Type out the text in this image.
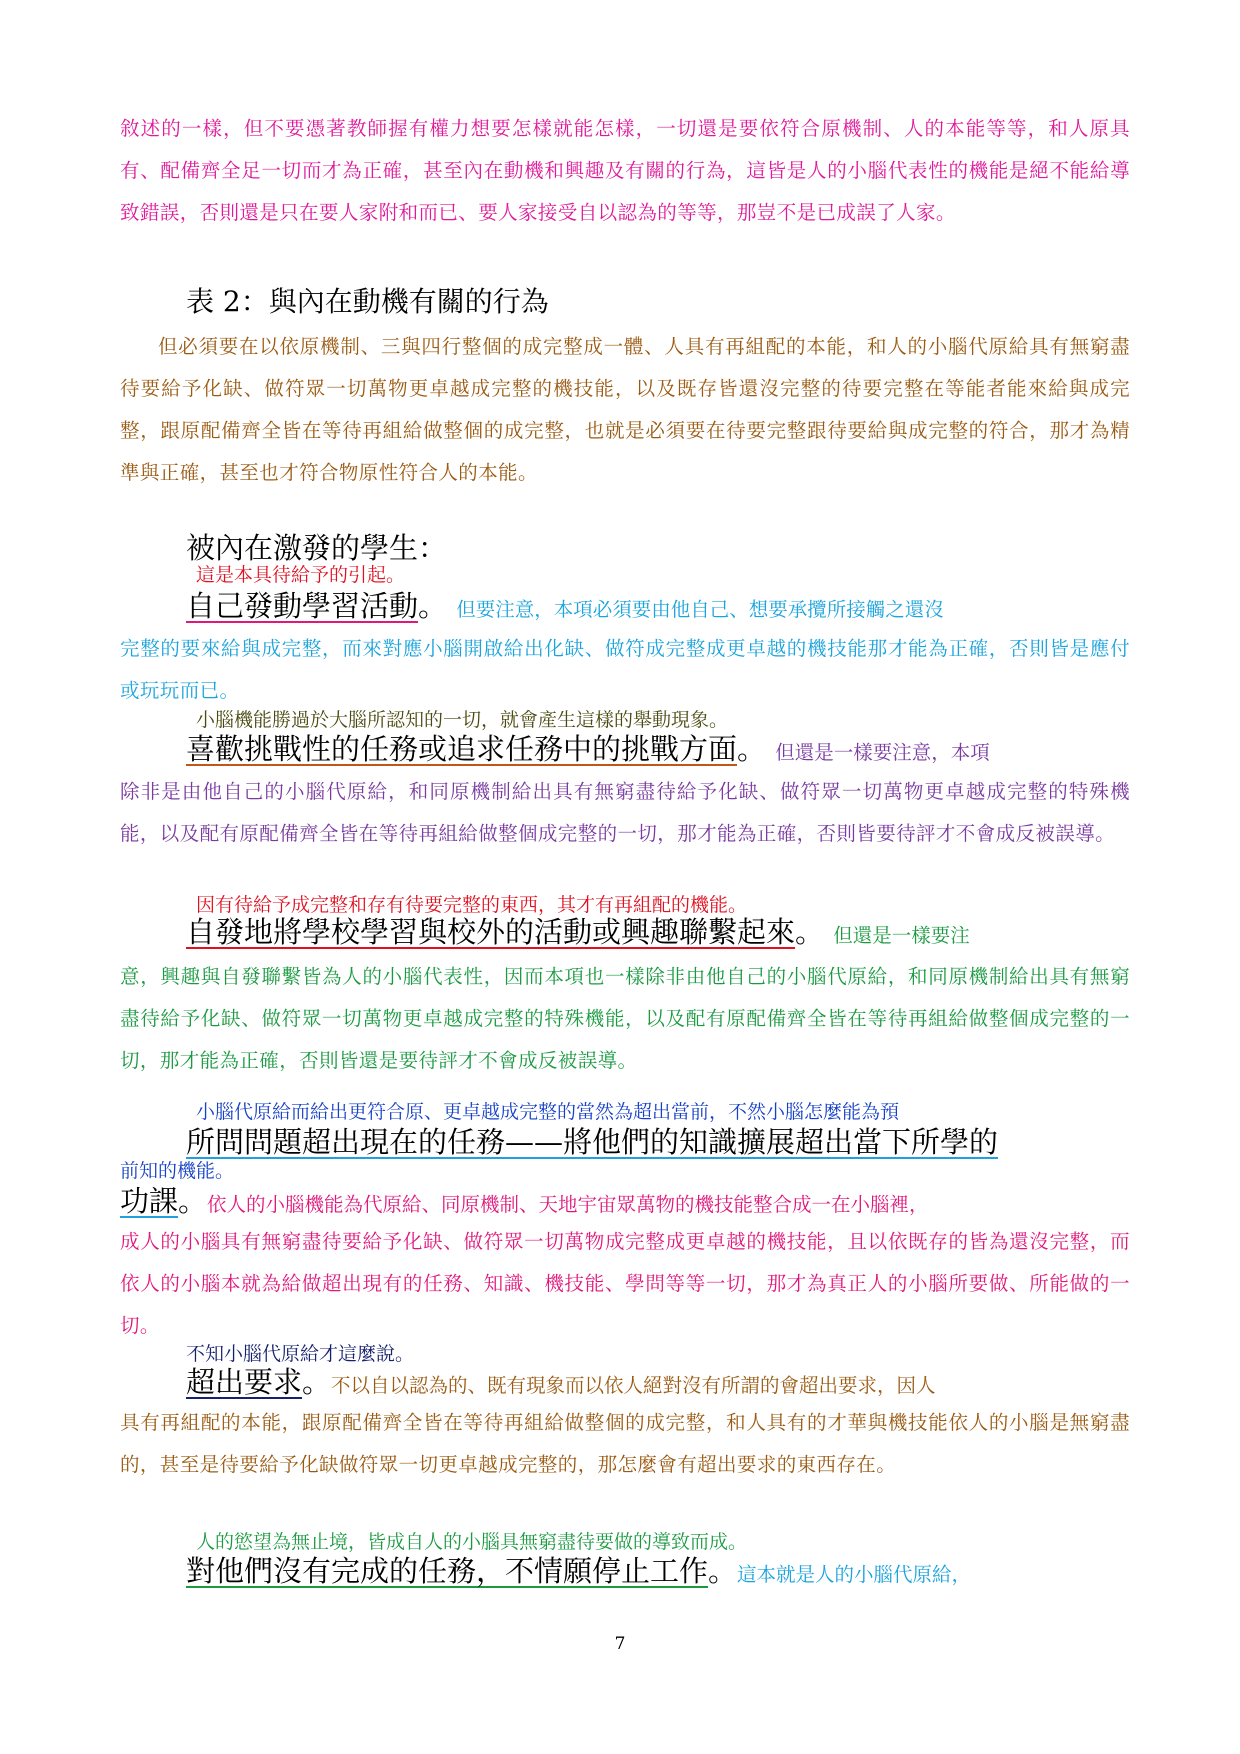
敘述的一樣，但不要憑著教師握有權力想要怎樣就能怎樣，一切還是要依符合原機制、人的本能等等，和人原具有、配備齊全足一切而才為正確，甚至內在動機和興趣及有關的行為，這皆是人的小腦代表性的機能是絕不能給導致錯誤，否則還是只在要人家附和而已、要人家接受自以認為的等等，那豈不是已成誤了人家。

表 2：與內在動機有關的行為

但必須要在以依原機制、三與四行整個的成完整成一體、人具有再組配的本能，和人的小腦代原給具有無窮盡待要給予化缺、做符眾一切萬物更卓越成完整的機技能，以及既存皆還沒完整的待要完整在等能者能來給與成完整，跟原配備齊全皆在等待再組給做整個的成完整，也就是必須要在待要完整跟待要給與成完整的符合，那才為精準與正確，甚至也才符合物原性符合人的本能。

被內在激發的學生：

這是本具待給予的引起。

自己發動學習活動。 但要注意，本項必須要由他自己、想要承攬所接觸之還沒

完整的要來給與成完整，而來對應小腦開啟給出化缺、做符成完整成更卓越的機技能那才能為正確，否則皆是應付或玩玩而已。

小腦機能勝過於大腦所認知的一切，就會產生這樣的舉動現象。

喜歡挑戰性的任務或追求任務中的挑戰方面。 但還是一樣要注意，本項

除非是由他自己的小腦代原給，和同原機制給出具有無窮盡待給予化缺、做符眾一切萬物更卓越成完整的特殊機能，以及配有原配備齊全皆在等待再組給做整個成完整的一切，那才能為正確，否則皆要待評才不會成反被誤導。

因有待給予成完整和存有待要完整的東西，其才有再組配的機能。

自發地將學校學習與校外的活動或興趣聯繫起來。 但還是一樣要注

意，興趣與自發聯繫皆為人的小腦代表性，因而本項也一樣除非由他自己的小腦代原給，和同原機制給出具有無窮盡待給予化缺、做符眾一切萬物更卓越成完整的特殊機能，以及配有原配備齊全皆在等待再組給做整個成完整的一切，那才能為正確，否則皆還是要待評才不會成反被誤導。

小腦代原給而給出更符合原、更卓越成完整的當然為超出當前，不然小腦怎麼能為預

所問問題超出現在的任務——將他們的知識擴展超出當下所學的

前知的機能。

功課。依人的小腦機能為代原給、同原機制、天地宇宙眾萬物的機技能整合成一在小腦裡，

成人的小腦具有無窮盡待要給予化缺、做符眾一切萬物成完整成更卓越的機技能，且以依既存的皆為還沒完整，而依人的小腦本就為給做超出現有的任務、知識、機技能、學問等等一切，那才為真正人的小腦所要做、所能做的一切。

不知小腦代原給才這麼說。

超出要求。不以自以認為的、既有現象而以依人絕對沒有所謂的會超出要求，因人

具有再組配的本能，跟原配備齊全皆在等待再組給做整個的成完整，和人具有的才華與機技能依人的小腦是無窮盡的，甚至是待要給予化缺做符眾一切更卓越成完整的，那怎麼會有超出要求的東西存在。

人的慾望為無止境，皆成自人的小腦具無窮盡待要做的導致而成。

對他們沒有完成的任務，不情願停止工作。這本就是人的小腦代原給，

7
